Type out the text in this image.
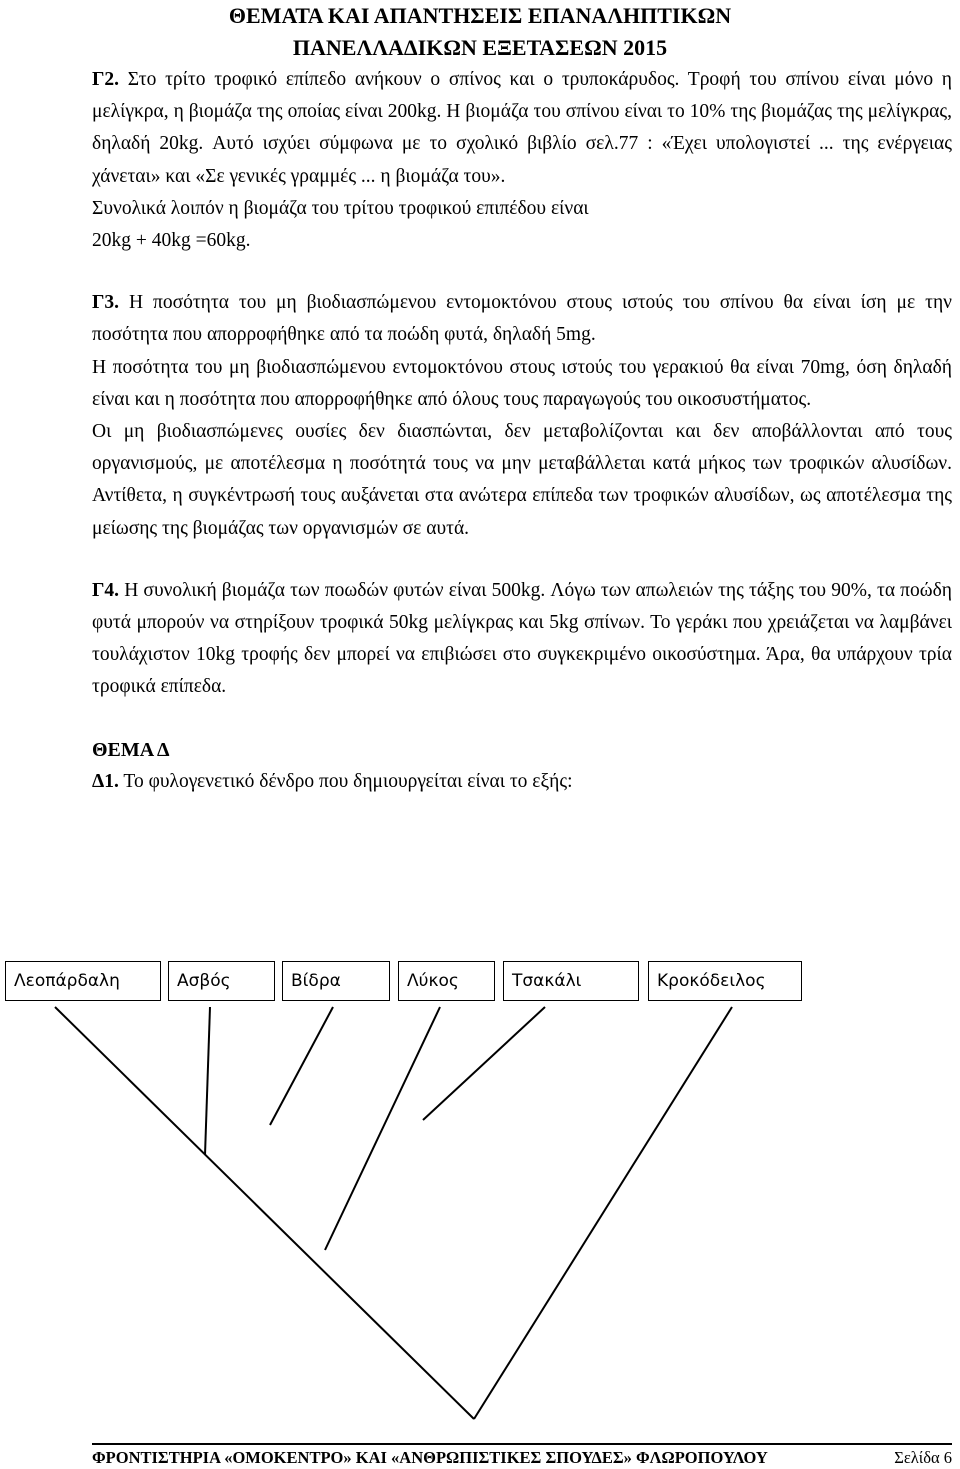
ΘΕΜΑΤΑ ΚΑΙ ΑΠΑΝΤΗΣΕΙΣ ΕΠΑΝΑΛΗΠΤΙΚΩΝ
ΠΑΝΕΛΛΑΔΙΚΩΝ ΕΞΕΤΑΣΕΩΝ 2015

Γ2. Στο τρίτο τροφικό επίπεδο ανήκουν ο σπίνος και ο τρυποκάρυδος. Τροφή του σπίνου είναι μόνο η μελίγκρα, η βιομάζα της οποίας είναι 200kg. Η βιομάζα του σπίνου είναι το 10% της βιομάζας της μελίγκρας, δηλαδή 20kg. Αυτό ισχύει σύμφωνα με το σχολικό βιβλίο σελ.77 : «Έχει υπολογιστεί ... της ενέργειας χάνεται» και «Σε γενικές γραμμές ... η βιομάζα του».

Συνολικά λοιπόν η βιομάζα του τρίτου τροφικού επιπέδου είναι

20kg + 40kg =60kg.

Γ3. Η ποσότητα του μη βιοδιασπώμενου εντομοκτόνου στους ιστούς του σπίνου θα είναι ίση με την ποσότητα που απορροφήθηκε από τα ποώδη φυτά, δηλαδή 5mg.

Η ποσότητα του μη βιοδιασπώμενου εντομοκτόνου στους ιστούς του γερακιού θα είναι 70mg, όση δηλαδή είναι και η ποσότητα που απορροφήθηκε από όλους τους παραγωγούς του οικοσυστήματος.

Οι μη βιοδιασπώμενες ουσίες δεν διασπώνται, δεν μεταβολίζονται και δεν αποβάλλονται από τους οργανισμούς, με αποτέλεσμα η ποσότητά τους να μην μεταβάλλεται κατά μήκος των τροφικών αλυσίδων. Αντίθετα, η συγκέντρωσή τους αυξάνεται στα ανώτερα επίπεδα των τροφικών αλυσίδων, ως αποτέλεσμα της μείωσης της βιομάζας των οργανισμών σε αυτά.

Γ4. Η συνολική βιομάζα των ποωδών φυτών είναι 500kg. Λόγω των απωλειών της τάξης του 90%, τα ποώδη φυτά μπορούν να στηρίξουν τροφικά 50kg μελίγκρας και 5kg σπίνων. Το γεράκι που χρειάζεται να λαμβάνει τουλάχιστον 10kg τροφής δεν μπορεί να επιβιώσει στο συγκεκριμένο οικοσύστημα. Άρα, θα υπάρχουν τρία τροφικά επίπεδα.

ΘΕΜΑ Δ

Δ1. Το φυλογενετικό δένδρο που δημιουργείται είναι το εξής:

Λεοπάρδαλη	Ασβός	Βίδρα	Λύκος	Τσακάλι	Κροκόδειλος
ΦΡΟΝΤΙΣΤΗΡΙΑ «ΟΜΟΚΕΝΤΡΟ» ΚΑΙ «ΑΝΘΡΩΠΙΣΤΙΚΕΣ ΣΠΟΥΔΕΣ» ΦΛΩΡΟΠΟΥΛΟΥ	Σελίδα 6
